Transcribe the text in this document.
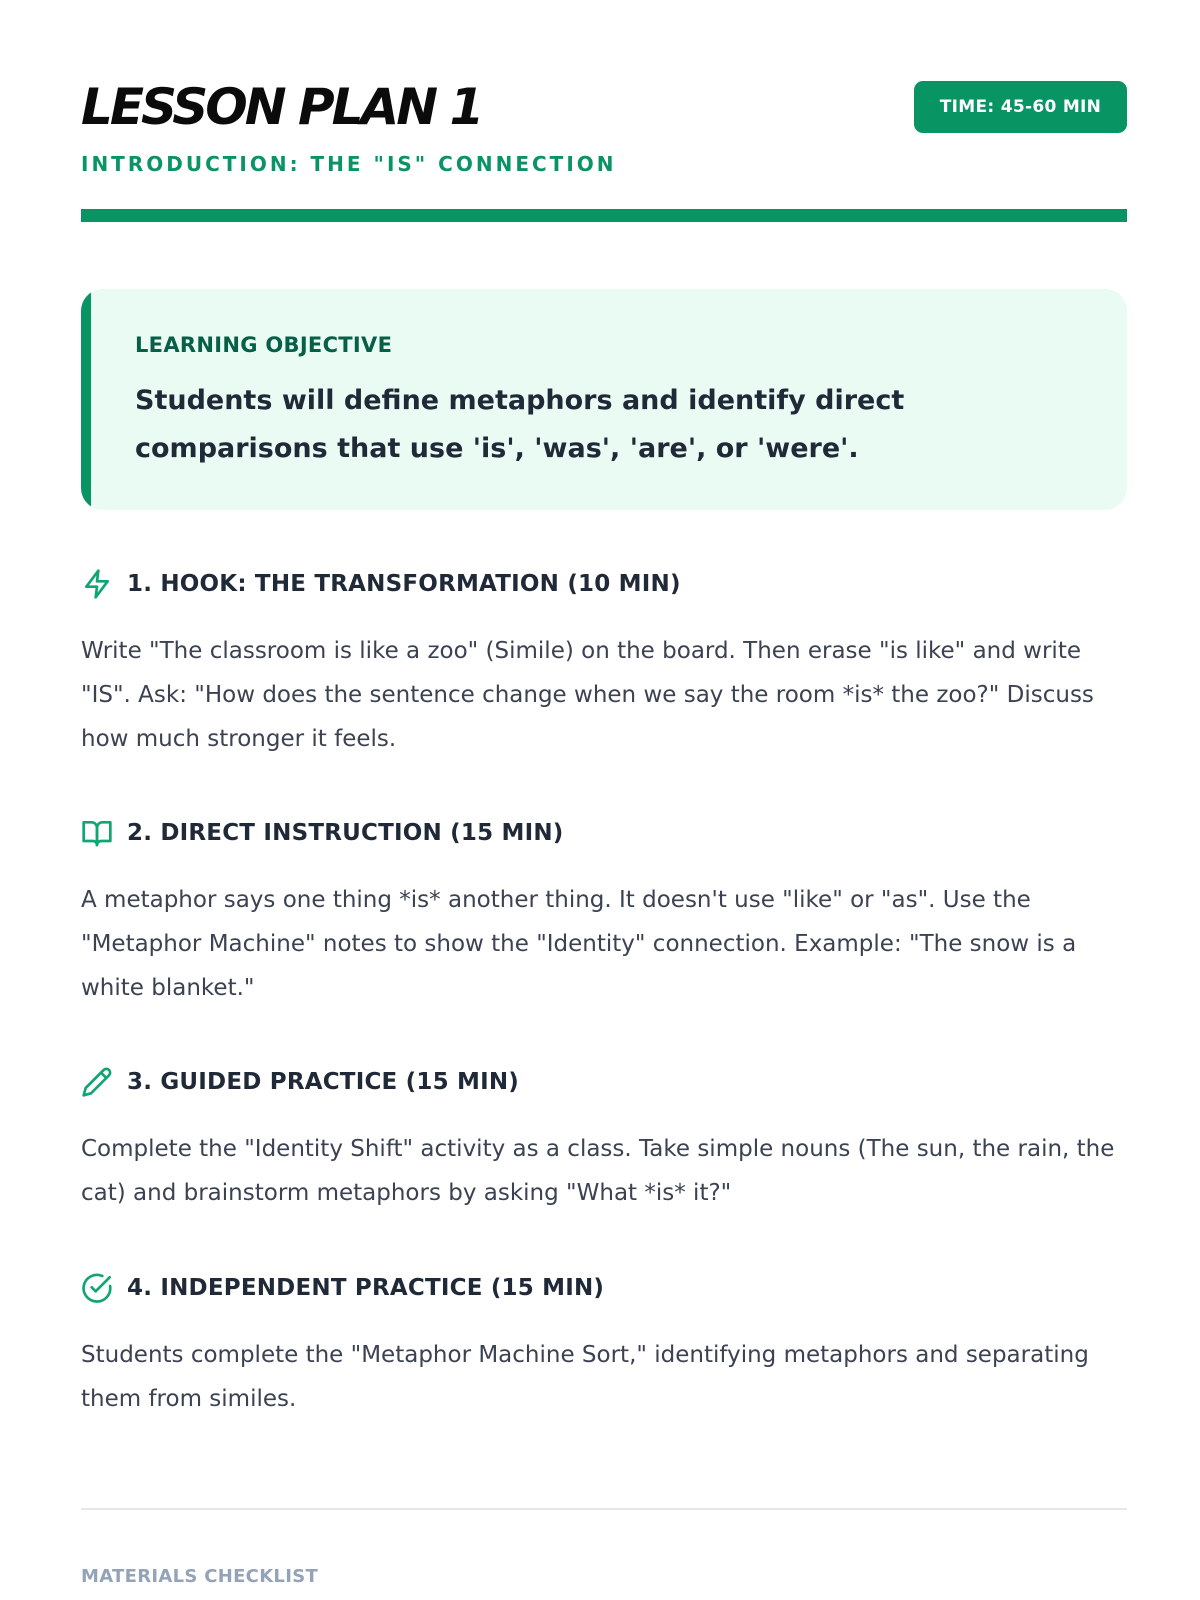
LESSON PLAN 1
INTRODUCTION: THE "IS" CONNECTION
TIME: 45-60 MIN
LEARNING OBJECTIVE
Students will define metaphors and identify direct comparisons that use 'is', 'was', 'are', or 'were'.
1. HOOK: THE TRANSFORMATION (10 MIN)
Write "The classroom is like a zoo" (Simile) on the board. Then erase "is like" and write "IS". Ask: "How does the sentence change when we say the room *is* the zoo?" Discuss how much stronger it feels.
2. DIRECT INSTRUCTION (15 MIN)
A metaphor says one thing *is* another thing. It doesn't use "like" or "as". Use the "Metaphor Machine" notes to show the "Identity" connection. Example: "The snow is a white blanket."
3. GUIDED PRACTICE (15 MIN)
Complete the "Identity Shift" activity as a class. Take simple nouns (The sun, the rain, the cat) and brainstorm metaphors by asking "What *is* it?"
4. INDEPENDENT PRACTICE (15 MIN)
Students complete the "Metaphor Machine Sort," identifying metaphors and separating them from similes.
MATERIALS CHECKLIST
